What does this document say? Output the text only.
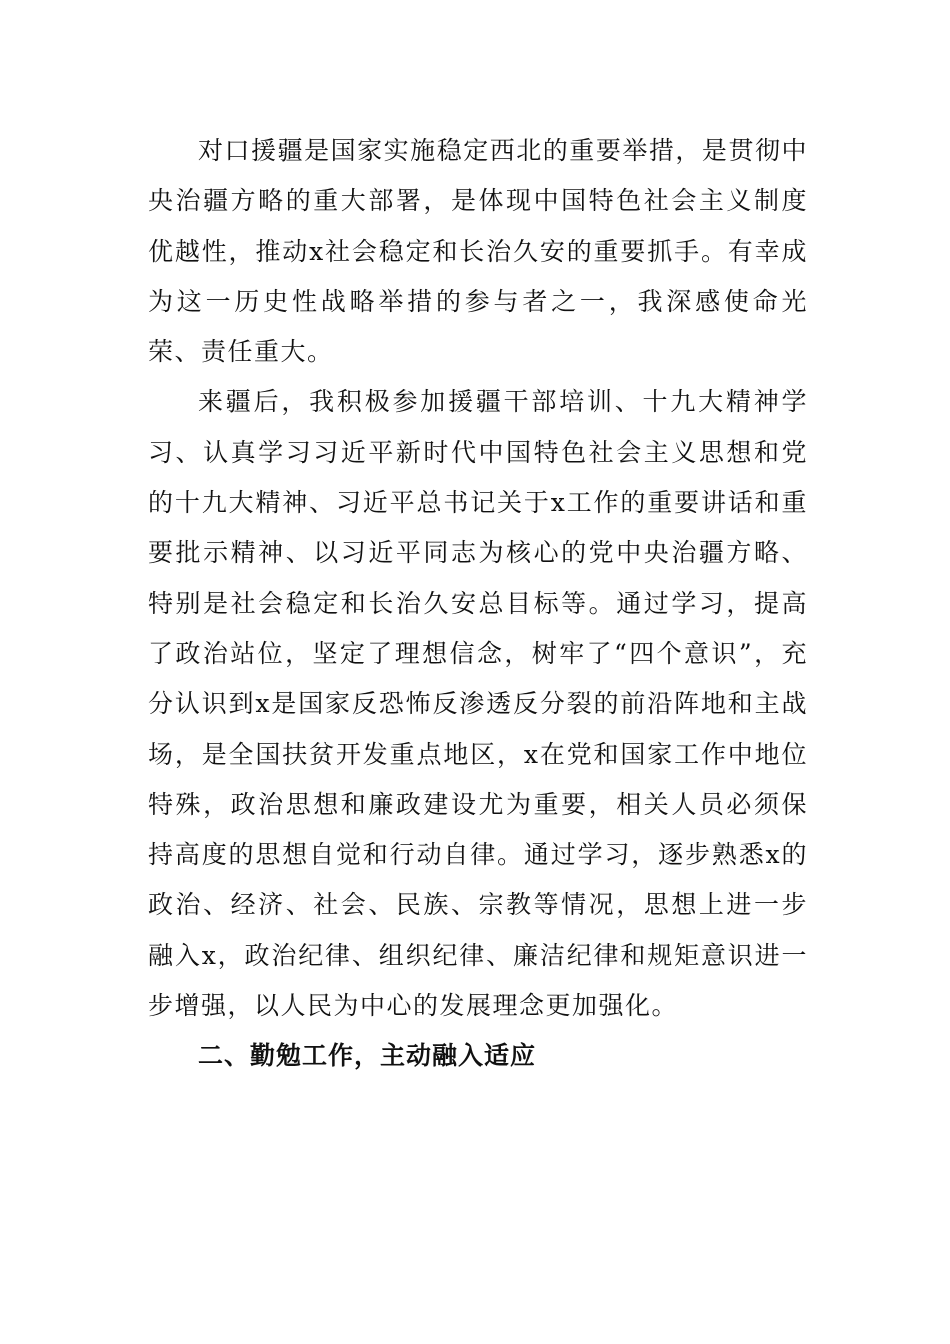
对口援疆是国家实施稳定西北的重要举措，是贯彻中央治疆方略的重大部署，是体现中国特色社会主义制度优越性，推动x社会稳定和长治久安的重要抓手。有幸成为这一历史性战略举措的参与者之一，我深感使命光荣、责任重大。

来疆后，我积极参加援疆干部培训、十九大精神学习、认真学习习近平新时代中国特色社会主义思想和党的十九大精神、习近平总书记关于x工作的重要讲话和重要批示精神、以习近平同志为核心的党中央治疆方略、特别是社会稳定和长治久安总目标等。通过学习，提高了政治站位，坚定了理想信念，树牢了“四个意识”，充分认识到x是国家反恐怖反渗透反分裂的前沿阵地和主战场，是全国扶贫开发重点地区，x在党和国家工作中地位特殊，政治思想和廉政建设尤为重要，相关人员必须保持高度的思想自觉和行动自律。通过学习，逐步熟悉x的政治、经济、社会、民族、宗教等情况，思想上进一步融入x，政治纪律、组织纪律、廉洁纪律和规矩意识进一步增强，以人民为中心的发展理念更加强化。

二、勤勉工作，主动融入适应
